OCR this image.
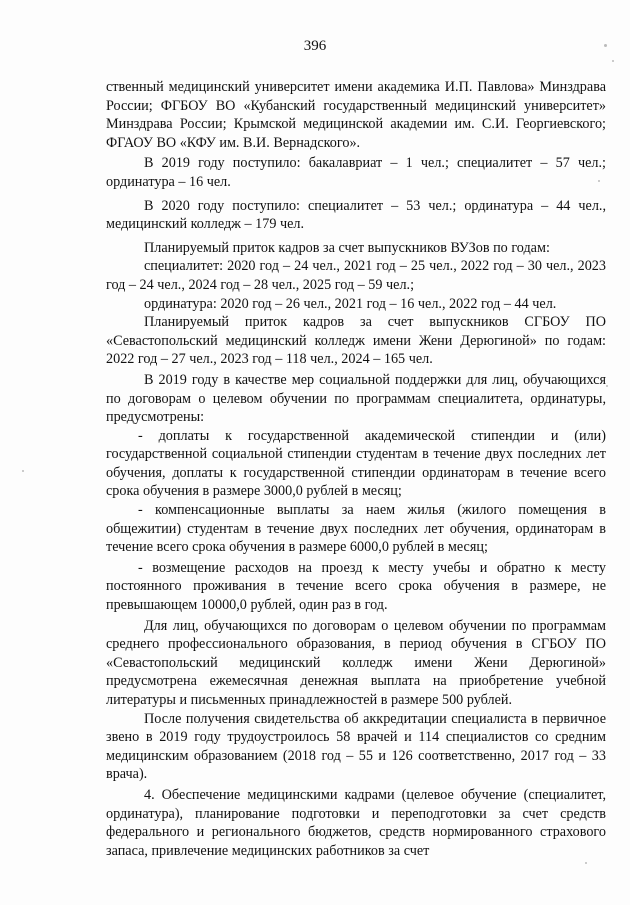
396

ственный медицинский университет имени академика И.П. Павлова» Минздрава России; ФГБОУ ВО «Кубанский государственный медицинский университет» Минздрава России; Крымской медицинской академии им. С.И. Георгиевского; ФГАОУ ВО «КФУ им. В.И. Вернадского».

В 2019 году поступило: бакалавриат – 1 чел.; специалитет – 57 чел.; ординатура – 16 чел.

В 2020 году поступило: специалитет – 53 чел.; ординатура – 44 чел., медицинский колледж – 179 чел.

Планируемый приток кадров за счет выпускников ВУЗов по годам:

специалитет: 2020 год – 24 чел., 2021 год – 25 чел., 2022 год – 30 чел., 2023 год – 24 чел., 2024 год – 28 чел., 2025 год – 59 чел.;

ординатура: 2020 год – 26 чел., 2021 год – 16 чел., 2022 год – 44 чел.

Планируемый приток кадров за счет выпускников СГБОУ ПО «Севастопольский медицинский колледж имени Жени Дерюгиной» по годам: 2022 год – 27 чел., 2023 год – 118 чел., 2024 – 165 чел.

В 2019 году в качестве мер социальной поддержки для лиц, обучающихся по договорам о целевом обучении по программам специалитета, ординатуры, предусмотрены:

- доплаты к государственной академической стипендии и (или) государственной социальной стипендии студентам в течение двух последних лет обучения, доплаты к государственной стипендии ординаторам в течение всего срока обучения в размере 3000,0 рублей в месяц;

- компенсационные выплаты за наем жилья (жилого помещения в общежитии) студентам в течение двух последних лет обучения, ординаторам в течение всего срока обучения в размере 6000,0 рублей в месяц;

- возмещение расходов на проезд к месту учебы и обратно к месту постоянного проживания в течение всего срока обучения в размере, не превышающем 10000,0 рублей, один раз в год.

Для лиц, обучающихся по договорам о целевом обучении по программам среднего профессионального образования, в период обучения в СГБОУ ПО «Севастопольский медицинский колледж имени Жени Дерюгиной» предусмотрена ежемесячная денежная выплата на приобретение учебной литературы и письменных принадлежностей в размере 500 рублей.

После получения свидетельства об аккредитации специалиста в первичное звено в 2019 году трудоустроилось 58 врачей и 114 специалистов со средним медицинским образованием (2018 год – 55 и 126 соответственно, 2017 год – 33 врача).

4. Обеспечение медицинскими кадрами (целевое обучение (специалитет, ординатура), планирование подготовки и переподготовки за счет средств федерального и регионального бюджетов, средств нормированного страхового запаса, привлечение медицинских работников за счет
